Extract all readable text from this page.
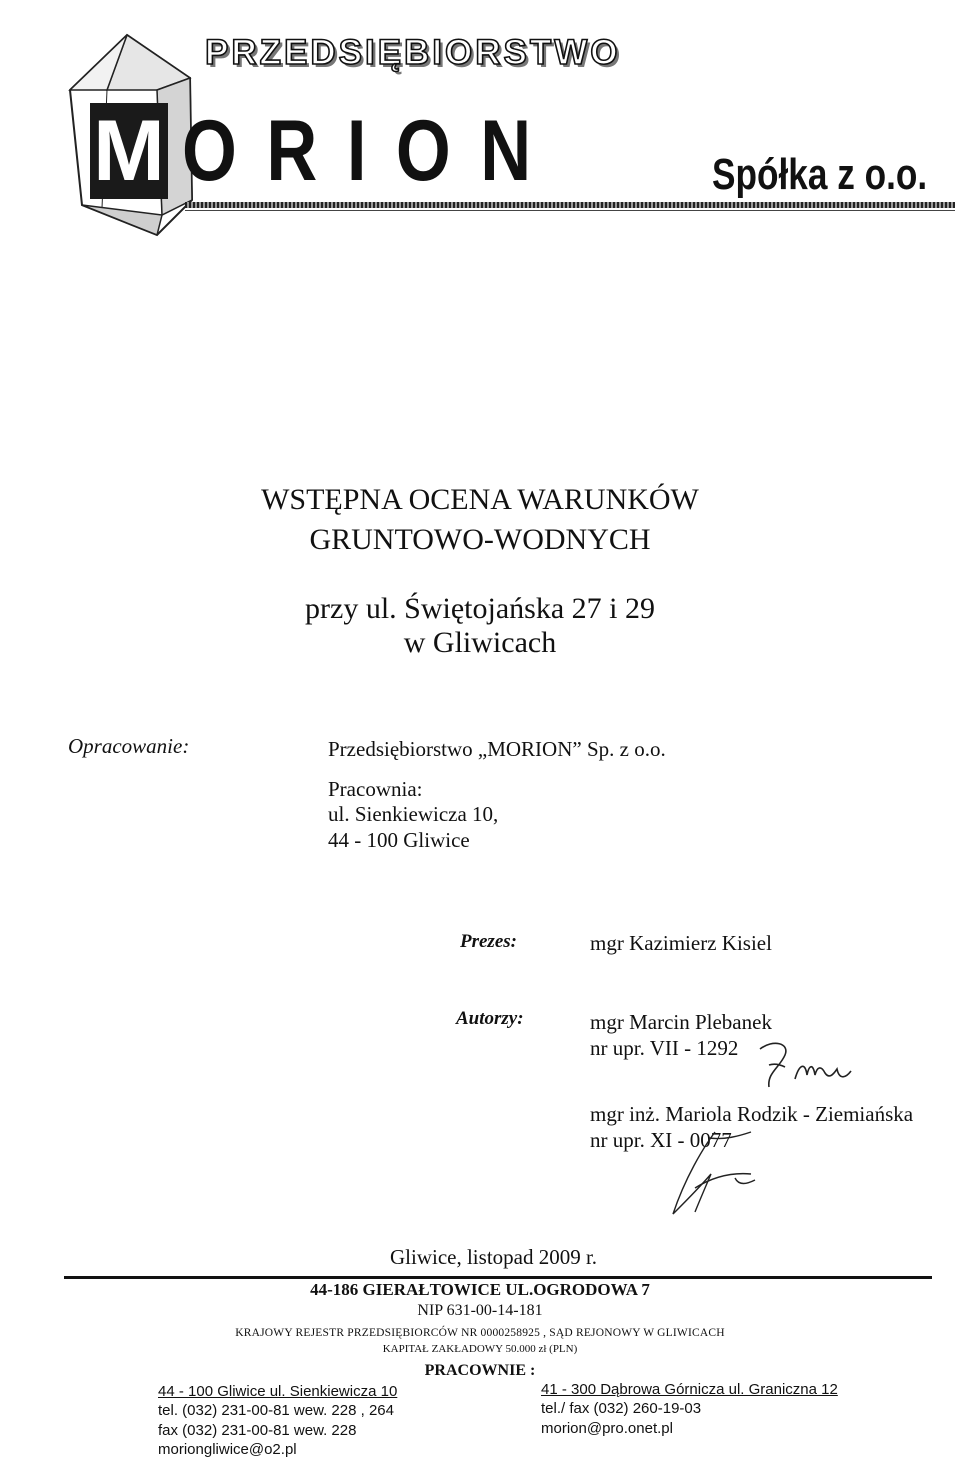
PRZEDSIĘBIORSTWO
M ORION	Spółka z o.o.
WSTĘPNA OCENA WARUNKÓW
GRUNTOWO-WODNYCH
przy ul. Świętojańska 27 i 29
w Gliwicach
Opracowanie:	Przedsiębiorstwo „MORION” Sp. z o.o.
Pracownia:
ul. Sienkiewicza 10,
44 - 100 Gliwice
Prezes:	mgr Kazimierz Kisiel
Autorzy:	mgr Marcin Plebanek
nr upr. VII - 1292
mgr inż. Mariola Rodzik - Ziemiańska
nr upr. XI - 0077
Gliwice, listopad 2009 r.
44-186 GIERAŁTOWICE UL.OGRODOWA 7
NIP 631-00-14-181
KRAJOWY REJESTR PRZEDSIĘBIORCÓW NR 0000258925 , SĄD REJONOWY W GLIWICACH
KAPITAŁ ZAKŁADOWY 50.000 zł (PLN)
PRACOWNIE :
44 - 100 Gliwice ul. Sienkiewicza 10
tel. (032) 231-00-81 wew. 228 , 264
fax (032) 231-00-81 wew. 228
moriongliwice@o2.pl
41 - 300 Dąbrowa Górnicza ul. Graniczna 12
tel./ fax (032) 260-19-03
morion@pro.onet.pl
